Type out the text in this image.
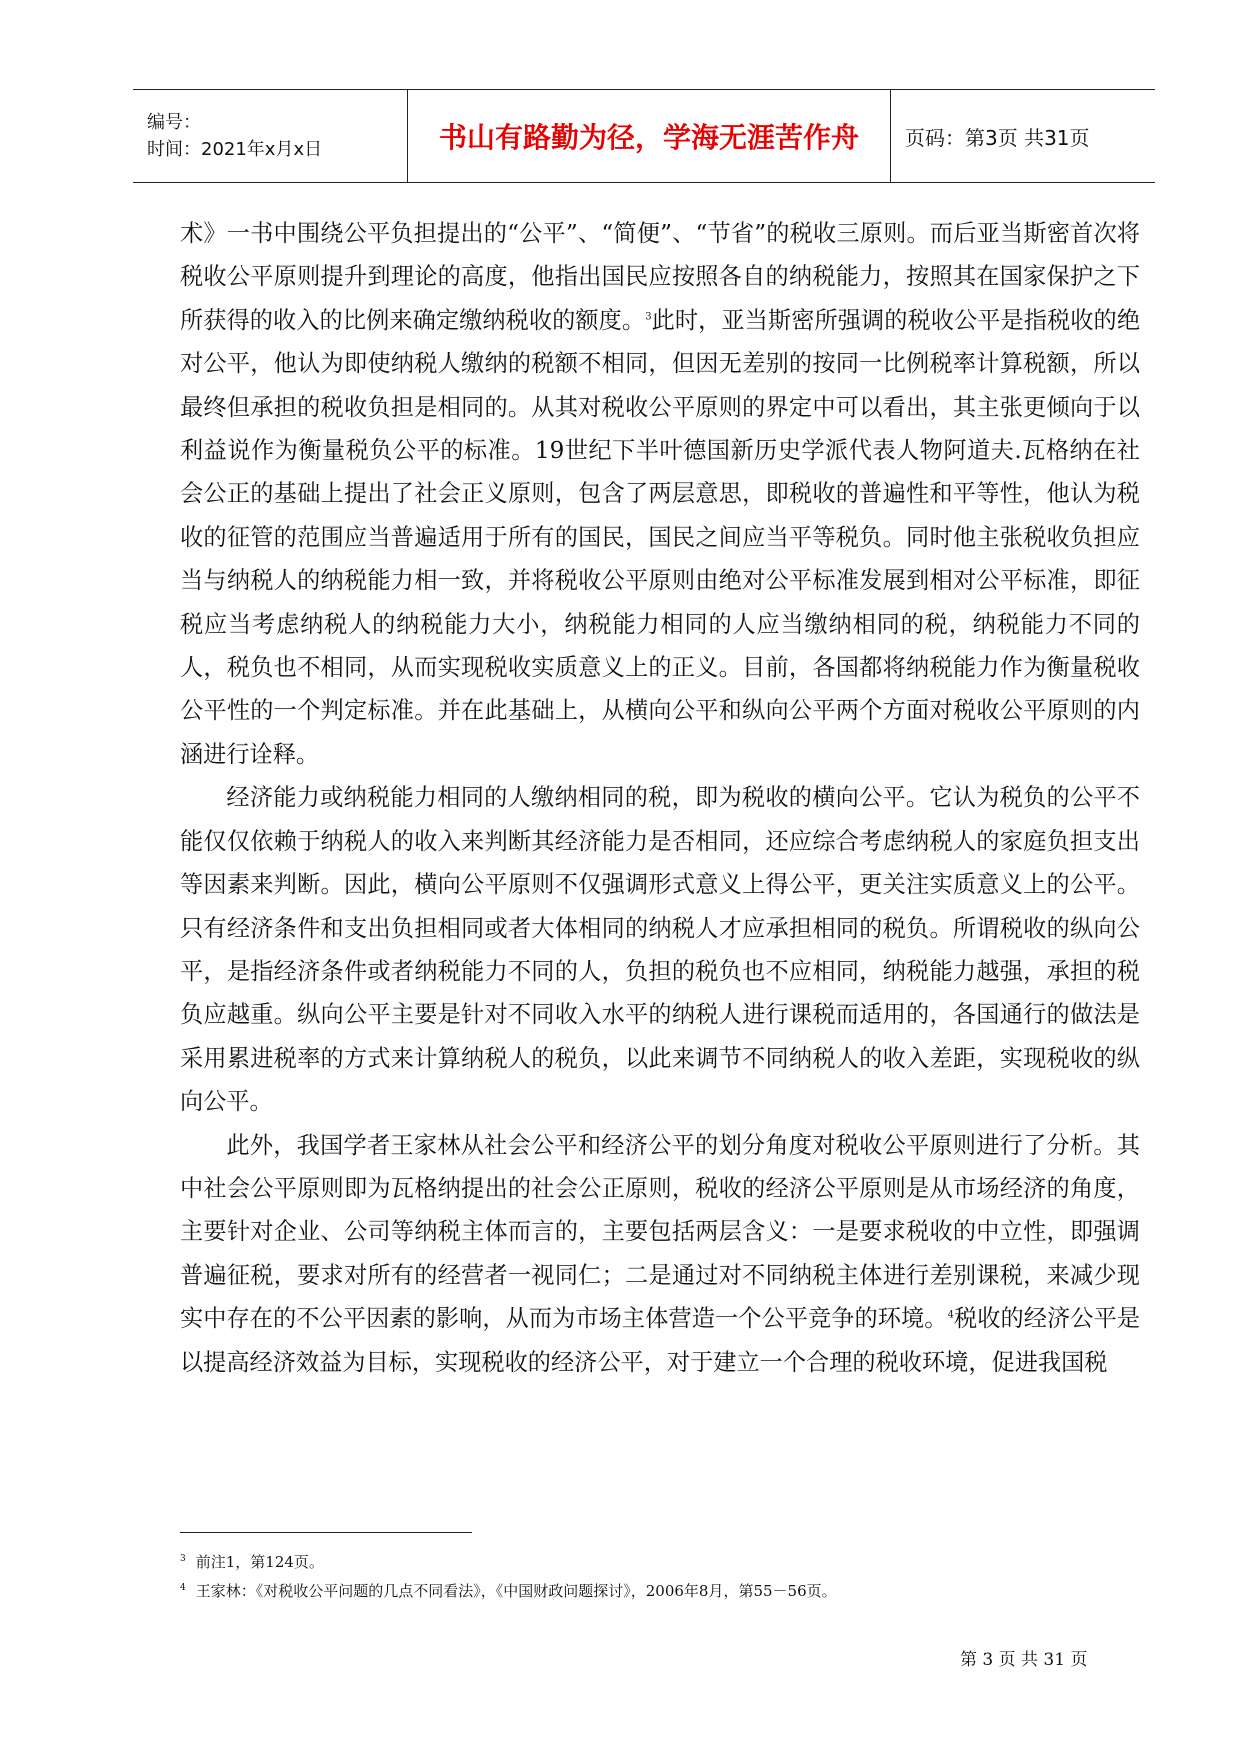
编号：
时间：2021年x月x日	书山有路勤为径，学海无涯苦作舟 页码：第3页 共31页

术》一书中围绕公平负担提出的“公平”、“简便”、“节省”的税收三原则。而后亚当斯密首次将税收公平原则提升到理论的高度，他指出国民应按照各自的纳税能力，按照其在国家保护之下所获得的收入的比例来确定缴纳税收的额度。$^3$此时，亚当斯密所强调的税收公平是指税收的绝对公平，他认为即使纳税人缴纳的税额不相同，但因无差别的按同一比例税率计算税额，所以最终但承担的税收负担是相同的。从其对税收公平原则的界定中可以看出，其主张更倾向于以利益说作为衡量税负公平的标准。19世纪下半叶德国新历史学派代表人物阿道夫.瓦格纳在社会公正的基础上提出了社会正义原则，包含了两层意思，即税收的普遍性和平等性，他认为税收的征管的范围应当普遍适用于所有的国民，国民之间应当平等税负。同时他主张税收负担应当与纳税人的纳税能力相一致，并将税收公平原则由绝对公平标准发展到相对公平标准，即征税应当考虑纳税人的纳税能力大小，纳税能力相同的人应当缴纳相同的税，纳税能力不同的人，税负也不相同，从而实现税收实质意义上的正义。目前，各国都将纳税能力作为衡量税收公平性的一个判定标准。并在此基础上，从横向公平和纵向公平两个方面对税收公平原则的内涵进行诠释。

经济能力或纳税能力相同的人缴纳相同的税，即为税收的横向公平。它认为税负的公平不能仅仅依赖于纳税人的收入来判断其经济能力是否相同，还应综合考虑纳税人的家庭负担支出等因素来判断。因此，横向公平原则不仅强调形式意义上得公平，更关注实质意义上的公平。只有经济条件和支出负担相同或者大体相同的纳税人才应承担相同的税负。所谓税收的纵向公平，是指经济条件或者纳税能力不同的人，负担的税负也不应相同，纳税能力越强，承担的税负应越重。纵向公平主要是针对不同收入水平的纳税人进行课税而适用的，各国通行的做法是采用累进税率的方式来计算纳税人的税负，以此来调节不同纳税人的收入差距，实现税收的纵向公平。

此外，我国学者王家林从社会公平和经济公平的划分角度对税收公平原则进行了分析。其中社会公平原则即为瓦格纳提出的社会公正原则，税收的经济公平原则是从市场经济的角度，主要针对企业、公司等纳税主体而言的，主要包括两层含义：一是要求税收的中立性，即强调普遍征税，要求对所有的经营者一视同仁；二是通过对不同纳税主体进行差别课税，来减少现实中存在的不公平因素的影响，从而为市场主体营造一个公平竞争的环境。$^4$税收的经济公平是以提高经济效益为目标，实现税收的经济公平，对于建立一个合理的税收环境，促进我国税

$^3$ 前注1，第124页。
$^4$ 王家林：《对税收公平问题的几点不同看法》，《中国财政问题探讨》，2006年8月，第55－56页。
第 3 页 共 31 页
